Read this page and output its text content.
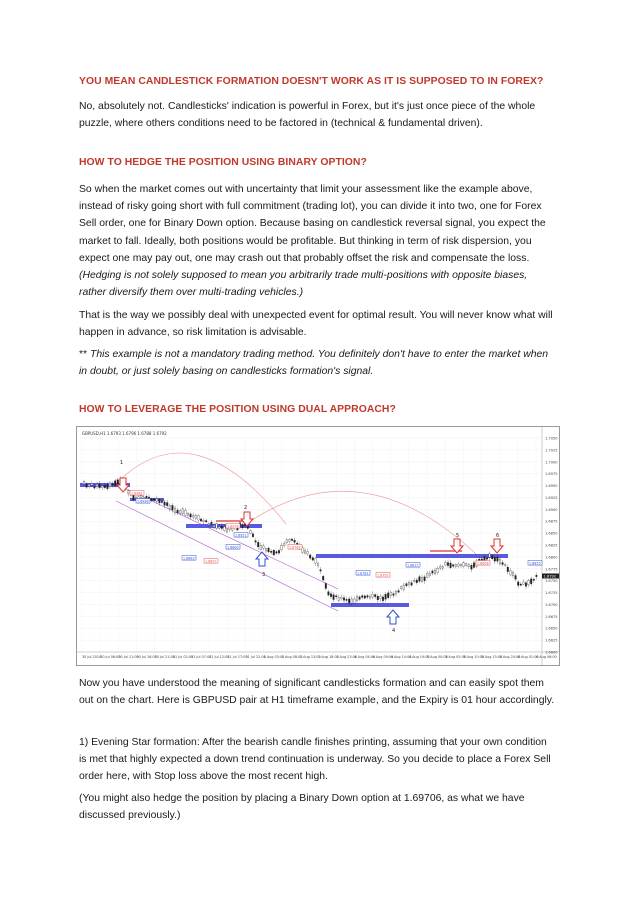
YOU MEAN CANDLESTICK FORMATION DOESN'T WORK AS IT IS SUPPOSED TO IN FOREX?

No, absolutely not. Candlesticks' indication is powerful in Forex, but it's just once piece of the whole puzzle, where others conditions need to be factored in (technical & fundamental driven).

HOW TO HEDGE THE POSITION USING BINARY OPTION?

So when the market comes out with uncertainty that limit your assessment like the example above, instead of risky going short with full commitment (trading lot), you can divide it into two, one for Forex Sell order, one for Binary Down option. Because basing on candlestick reversal signal, you expect the market to fall. Ideally, both positions would be profitable. But thinking in term of risk dispersion, you expect one may pay out, one may crash out that probably offset the risk and compensate the loss.

(Hedging is not solely supposed to mean you arbitrarily trade multi-positions with opposite biases, rather diversify them over multi-trading vehicles.)

That is the way we possibly deal with unexpected event for optimal result. You will never know what will happen in advance, so risk limitation is advisable.

** This example is not a mandatory trading method. You definitely don't have to enter the market when in doubt, or just solely basing on candlesticks formation's signal.

HOW TO LEVERAGE THE POSITION USING DUAL APPROACH?

Now you have understood the meaning of significant candlesticks formation and can easily spot them out on the chart. Here is GBPUSD pair at H1 timeframe example, and the Expiry is 01 hour accordingly.

1) Evening Star formation: After the bearish candle finishes printing, assuming that your own condition is met that highly expected a down trend continuation is underway. So you decide to place a Forex Sell order here, with Stop loss above the most recent high.

(You might also hedge the position by placing a Binary Down option at 1.69706, as what we have discussed previously.)

GBPUSD,H1 1.6793 1.6796 1.6788 1.6792
1.7050
1.7025
1.7000
1.6975
1.6950
1.6925
1.6900
1.6875
1.6850
1.6825
1.6800
1.6775
1.6750
1.6725
1.6700
1.6675
1.6650
1.6625
1.6600
30 Jul 2014
30 Jul 06:00
30 Jul 11:00
30 Jul 16:00
30 Jul 21:00
31 Jul 02:00
31 Jul 07:00
31 Jul 12:00
31 Jul 17:00
31 Jul 22:00
1 Aug 03:00
1 Aug 08:00
1 Aug 13:00
1 Aug 18:00
1 Aug 23:00
4 Aug 04:00
4 Aug 09:00
4 Aug 14:00
4 Aug 19:00
5 Aug 00:00
5 Aug 05:00
5 Aug 10:00
5 Aug 15:00
5 Aug 20:00
6 Aug 01:00
6 Aug 06:00
1
2
3
4
5	6
1.6962
1.6998
1.6978
1.6951
1.6883
1.6857
1.6800	1.6762
1.6781	1.6795
1.6815	1.6808	1.6855
1.6792
